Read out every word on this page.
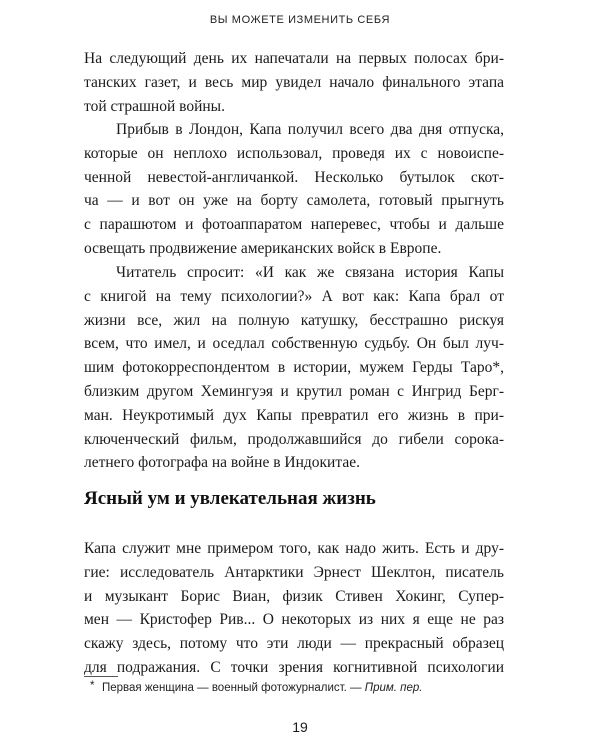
ВЫ МОЖЕТЕ ИЗМЕНИТЬ СЕБЯ
На следующий день их напечатали на первых полосах бри-
танских газет, и весь мир увидел начало финального этапа
той страшной войны.
Прибыв в Лондон, Капа получил всего два дня отпуска,
которые он неплохо использовал, проведя их с новоиспе-
ченной невестой-англичанкой. Несколько бутылок скот-
ча — и вот он уже на борту самолета, готовый прыгнуть
с парашютом и фотоаппаратом наперевес, чтобы и дальше
освещать продвижение американских войск в Европе.
Читатель спросит: «И как же связана история Капы
с книгой на тему психологии?» А вот как: Капа брал от
жизни все, жил на полную катушку, бесстрашно рискуя
всем, что имел, и оседлал собственную судьбу. Он был луч-
шим фотокорреспондентом в истории, мужем Герды Таро*,
близким другом Хемингуэя и крутил роман с Ингрид Берг-
ман. Неукротимый дух Капы превратил его жизнь в при-
ключенческий фильм, продолжавшийся до гибели сорока-
летнего фотографа на войне в Индокитае.
Ясный ум и увлекательная жизнь
Капа служит мне примером того, как надо жить. Есть и дру-
гие: исследователь Антарктики Эрнест Шеклтон, писатель
и музыкант Борис Виан, физик Стивен Хокинг, Супер-
мен — Кристофер Рив... О некоторых из них я еще не раз
скажу здесь, потому что эти люди — прекрасный образец
для подражания. С точки зрения когнитивной психологии
* Первая женщина — военный фотожурналист. — Прим. пер.
19
